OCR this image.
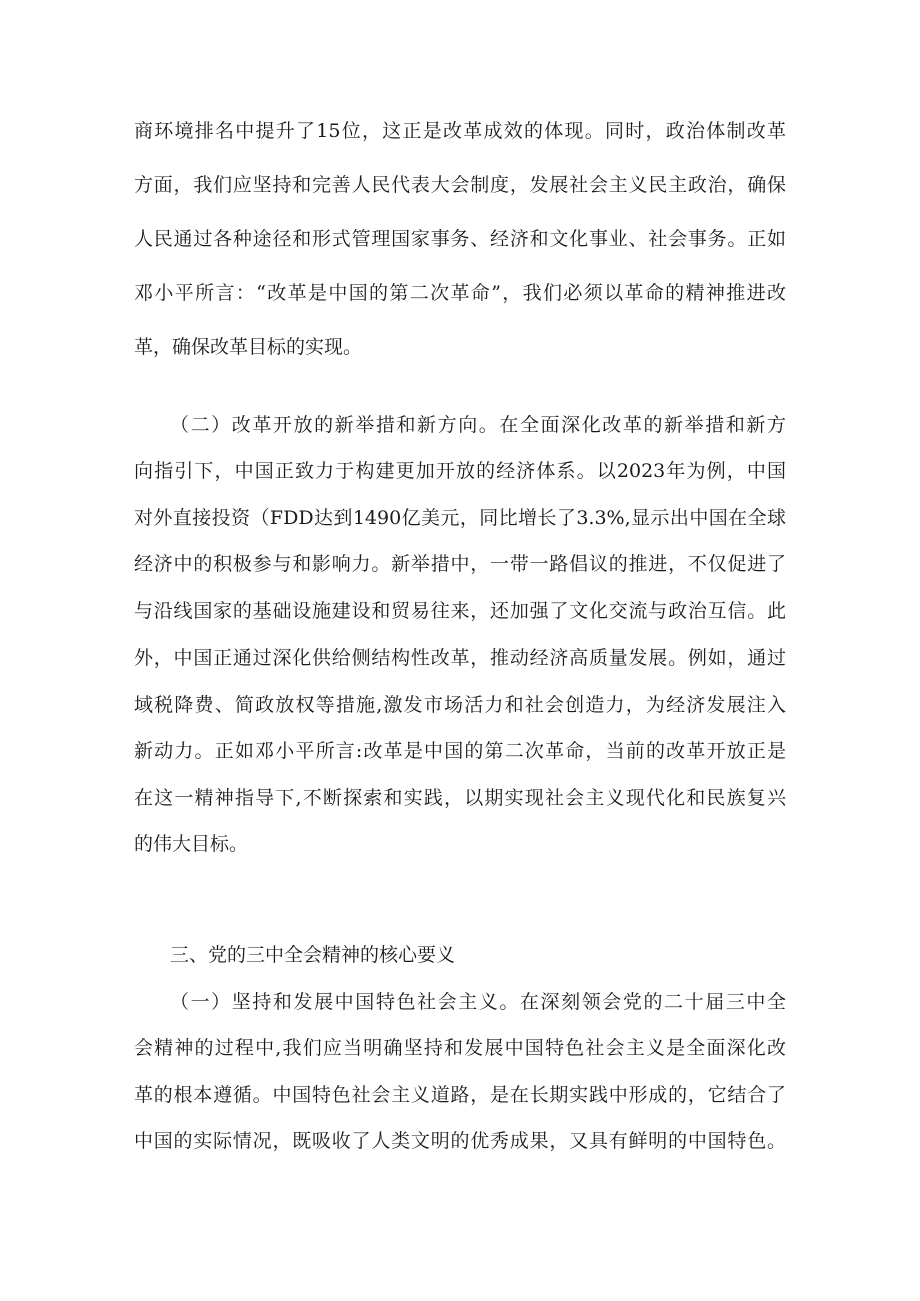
商环境排名中提升了15位，这正是改革成效的体现。同时，政治体制改革
方面，我们应坚持和完善人民代表大会制度，发展社会主义民主政治，确保
人民通过各种途径和形式管理国家事务、经济和文化事业、社会事务。正如
邓小平所言：“改革是中国的第二次革命”，我们必须以革命的精神推进改
革，确保改革目标的实现。
（二）改革开放的新举措和新方向。在全面深化改革的新举措和新方
向指引下，中国正致力于构建更加开放的经济体系。以2023年为例，中国
对外直接投资（FDD达到1490亿美元，同比增长了3.3%,显示出中国在全球
经济中的积极参与和影响力。新举措中，一带一路倡议的推进，不仅促进了
与沿线国家的基础设施建设和贸易往来，还加强了文化交流与政治互信。此
外，中国正通过深化供给侧结构性改革，推动经济高质量发展。例如，通过
域税降费、简政放权等措施,激发市场活力和社会创造力，为经济发展注入
新动力。正如邓小平所言:改革是中国的第二次革命，当前的改革开放正是
在这一精神指导下,不断探索和实践，以期实现社会主义现代化和民族复兴
的伟大目标。
三、党的三中全会精神的核心要义
（一）坚持和发展中国特色社会主义。在深刻领会党的二十届三中全
会精神的过程中,我们应当明确坚持和发展中国特色社会主义是全面深化改
革的根本遵循。中国特色社会主义道路，是在长期实践中形成的，它结合了
中国的实际情况，既吸收了人类文明的优秀成果，又具有鲜明的中国特色。
